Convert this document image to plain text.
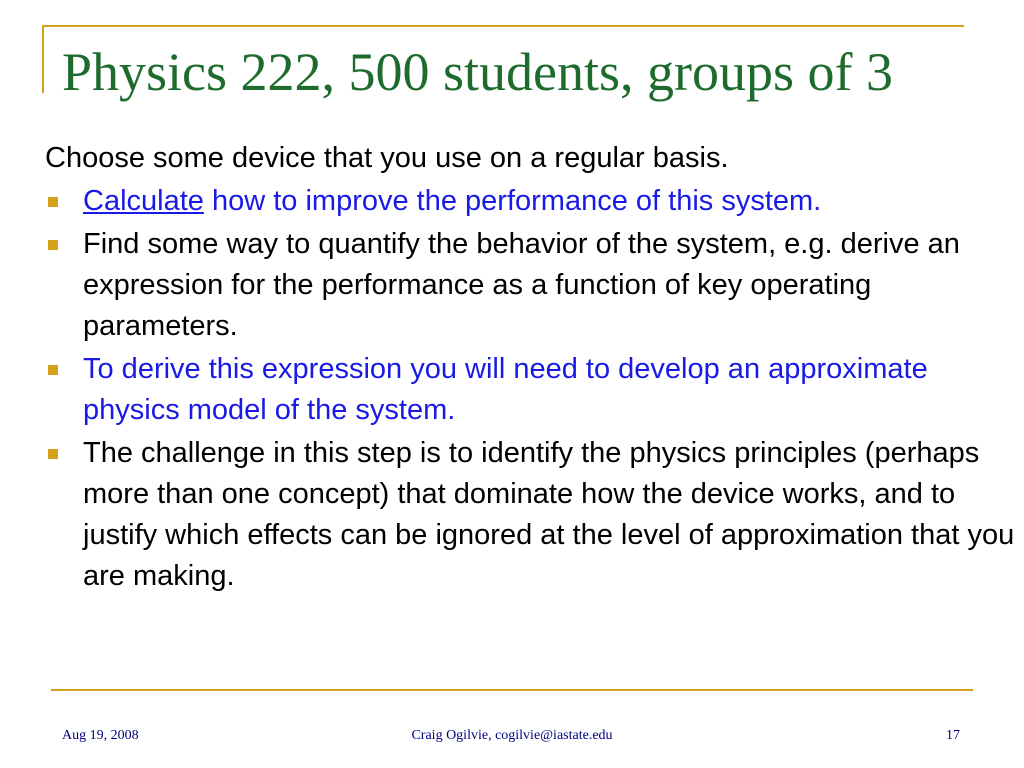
Physics 222, 500 students, groups of 3

Choose some device that you use on a regular basis.

Calculate how to improve the performance of this system.
Find some way to quantify the behavior of the system, e.g. derive an expression for the performance as a function of key operating parameters.
To derive this expression you will need to develop an approximate physics model of the system.
The challenge in this step is to identify the physics principles (perhaps more than one concept) that dominate how the device works, and to justify which effects can be ignored at the level of approximation that you are making.
Aug 19, 2008	Craig Ogilvie, cogilvie@iastate.edu	17
